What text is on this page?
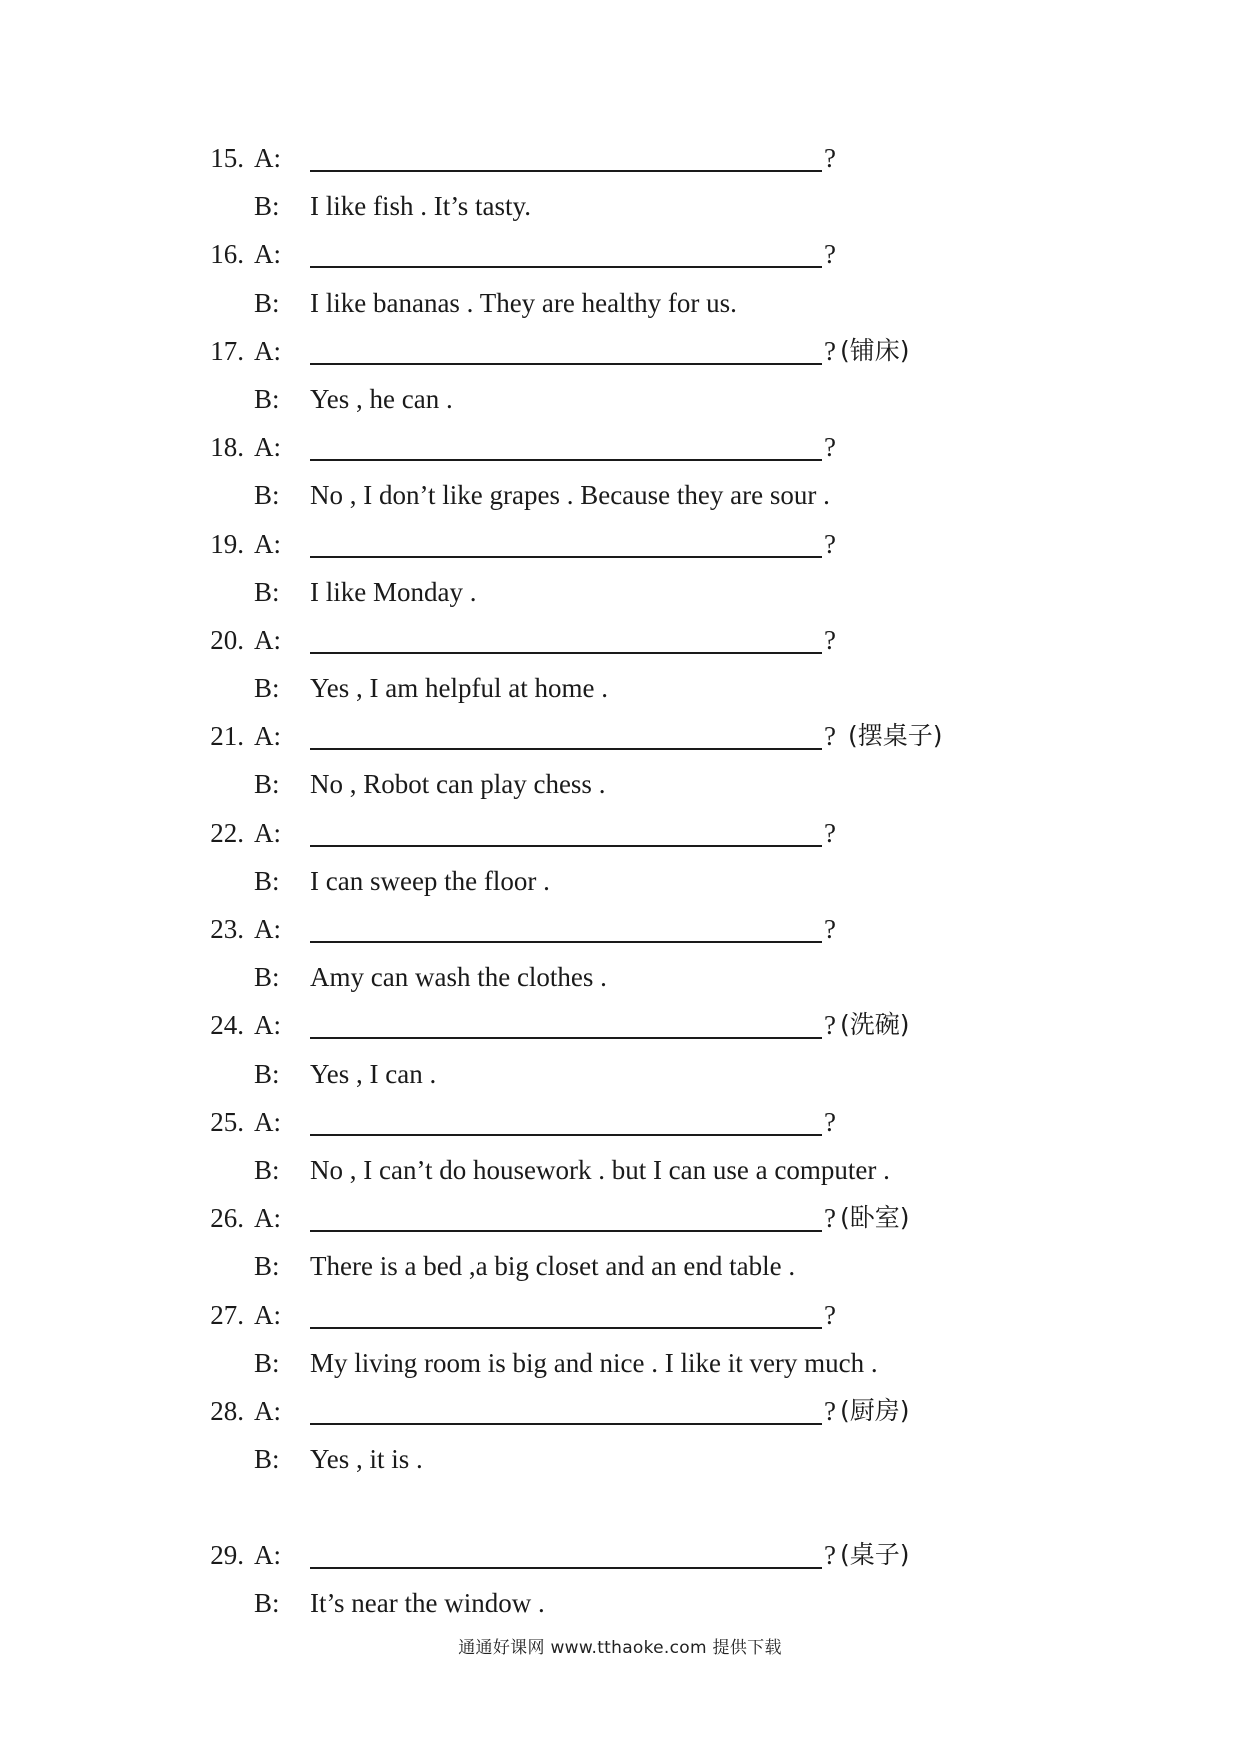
15. A:	?
B: I like fish . It’s tasty.
16. A:	?
B: I like bananas . They are healthy for us.
17. A:	? (铺床)
B: Yes , he can .
18. A:	?
B: No , I don’t like grapes . Because they are sour .
19. A:	?
B: I like Monday .
20. A:	?
B: Yes , I am helpful at home .
21. A:	? (摆桌子)
B: No , Robot can play chess .
22. A:	?
B: I can sweep the floor .
23. A:	?
B: Amy can wash the clothes .
24. A:	? (洗碗)
B: Yes , I can .
25. A:	?
B: No , I can’t do housework . but I can use a computer .
26. A:	? (卧室)
B: There is a bed ,a big closet and an end table .
27. A:	?
B: My living room is big and nice . I like it very much .
28. A:	? (厨房)
B: Yes , it is .
29. A:	? (桌子)
B: It’s near the window .
通通好课网 www.tthaoke.com 提供下载
